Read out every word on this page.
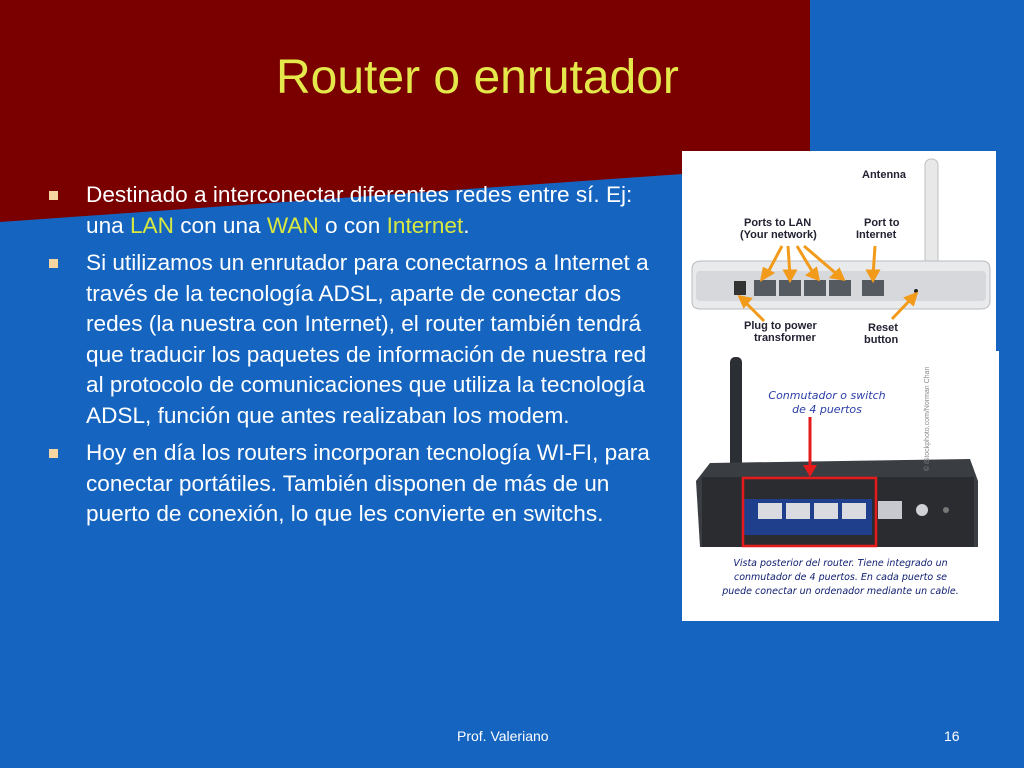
Router o enrutador
Destinado a interconectar diferentes redes entre sí. Ej: una LAN con una WAN o con Internet.
Si utilizamos un enrutador para conectarnos a Internet a través de la tecnología ADSL, aparte de conectar dos redes (la nuestra con Internet), el router también tendrá que traducir los paquetes de información de nuestra red al protocolo de comunicaciones que utiliza la tecnología ADSL, función que antes realizaban los modem.
Hoy en día los routers incorporan tecnología WI-FI, para conectar portátiles. También disponen de más de un puerto de conexión, lo que les convierte en switchs.
Antenna
Ports to LAN
(Your network)
Port to
Internet
Plug to power
transformer
Reset
button
Conmutador o switch
de 4 puertos
Vista posterior del router. Tiene integrado un
conmutador de 4 puertos. En cada puerto se
puede conectar un ordenador mediante un cable.
© iStockphoto.com/Norman Chan
Prof. Valeriano	16
